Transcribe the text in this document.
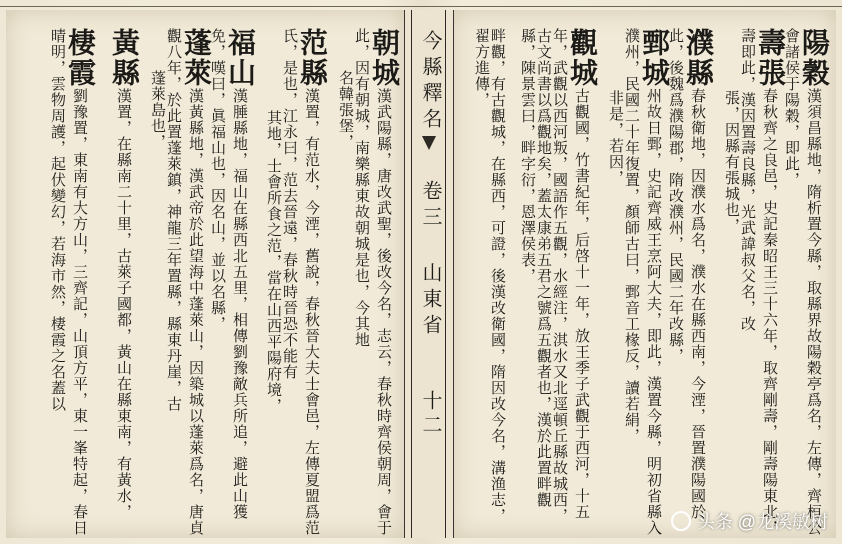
陽穀漢須昌縣地，隋析置今縣，取縣界故陽穀亭爲名，左傳，齊桓公會諸侯于陽穀，即此，
壽張春秋齊之良邑，史記秦昭王三十六年，取齊剛壽，剛壽陽東北，壽即此，漢因置壽良縣，光武諱叔父名，改
張，因縣有張城也，
濮縣春秋衛地，因濮水爲名，濮水在縣西南，今湮，晉置濮陽國於此，後魏爲濮陽郡，隋改濮州，民國二年改縣，
鄄城州故日鄄，史記齊威王烹阿大夫，即此，漢置今縣，明初省縣入濮州，民國二十年復置，顏師古曰，鄄音工椽反，讀若絹，
非是，若因，
觀城古觀國，竹書紀年，后啓十一年，放王季子武觀于西河，十五年，武觀以西河叛，國語作五觀，水經注，淇水又北逕頓丘縣故城西，古文尚書以爲觀地矣，蓋太康弟五君之號爲五觀者也，漢於此置畔觀縣，陳景雲曰，畔字衍，恩澤侯表，
畔觀，有古觀城，在縣西，可證，後漢改衛國，隋因改今名，溝渔志，翟方進傳，
今縣釋名
卷三 山東省
十二
朝城漢武陽縣，唐改武聖，後改今名，志云，春秋時齊侯朝周，會于此，因有朝城，南樂縣東故朝城是也，今其地
名韓張堡，
范縣漢置，有范水，今湮，舊說，春秋晉大夫士會邑，左傳夏盟爲范氏，是也，江永曰，范去晉遠，春秋時晉恐不能有
其地，士會所食之范，當在山西平陽府境，
福山漢腄縣地，福山在縣西北五里，相傳劉豫敵兵所追，避此山獲免，嘆曰，眞福山也，因名山，並以名縣，
蓬萊漢黃縣地，漢武帝於此望海中蓬萊山，因築城以蓬萊爲名，唐貞觀八年，於此置蓬萊鎮，神龍三年置縣，縣東丹崖，古
蓬萊島也，
黃縣漢置，在縣南二十里，古萊子國都，黃山在縣東南，有黃水，
棲霞劉豫置，東南有大方山，三齊記，山頂方平，東一峯特起，春日晴明，雲物周護，起伏變幻，若海市然，棲霞之名蓋以
头条 @龙溪敏树
